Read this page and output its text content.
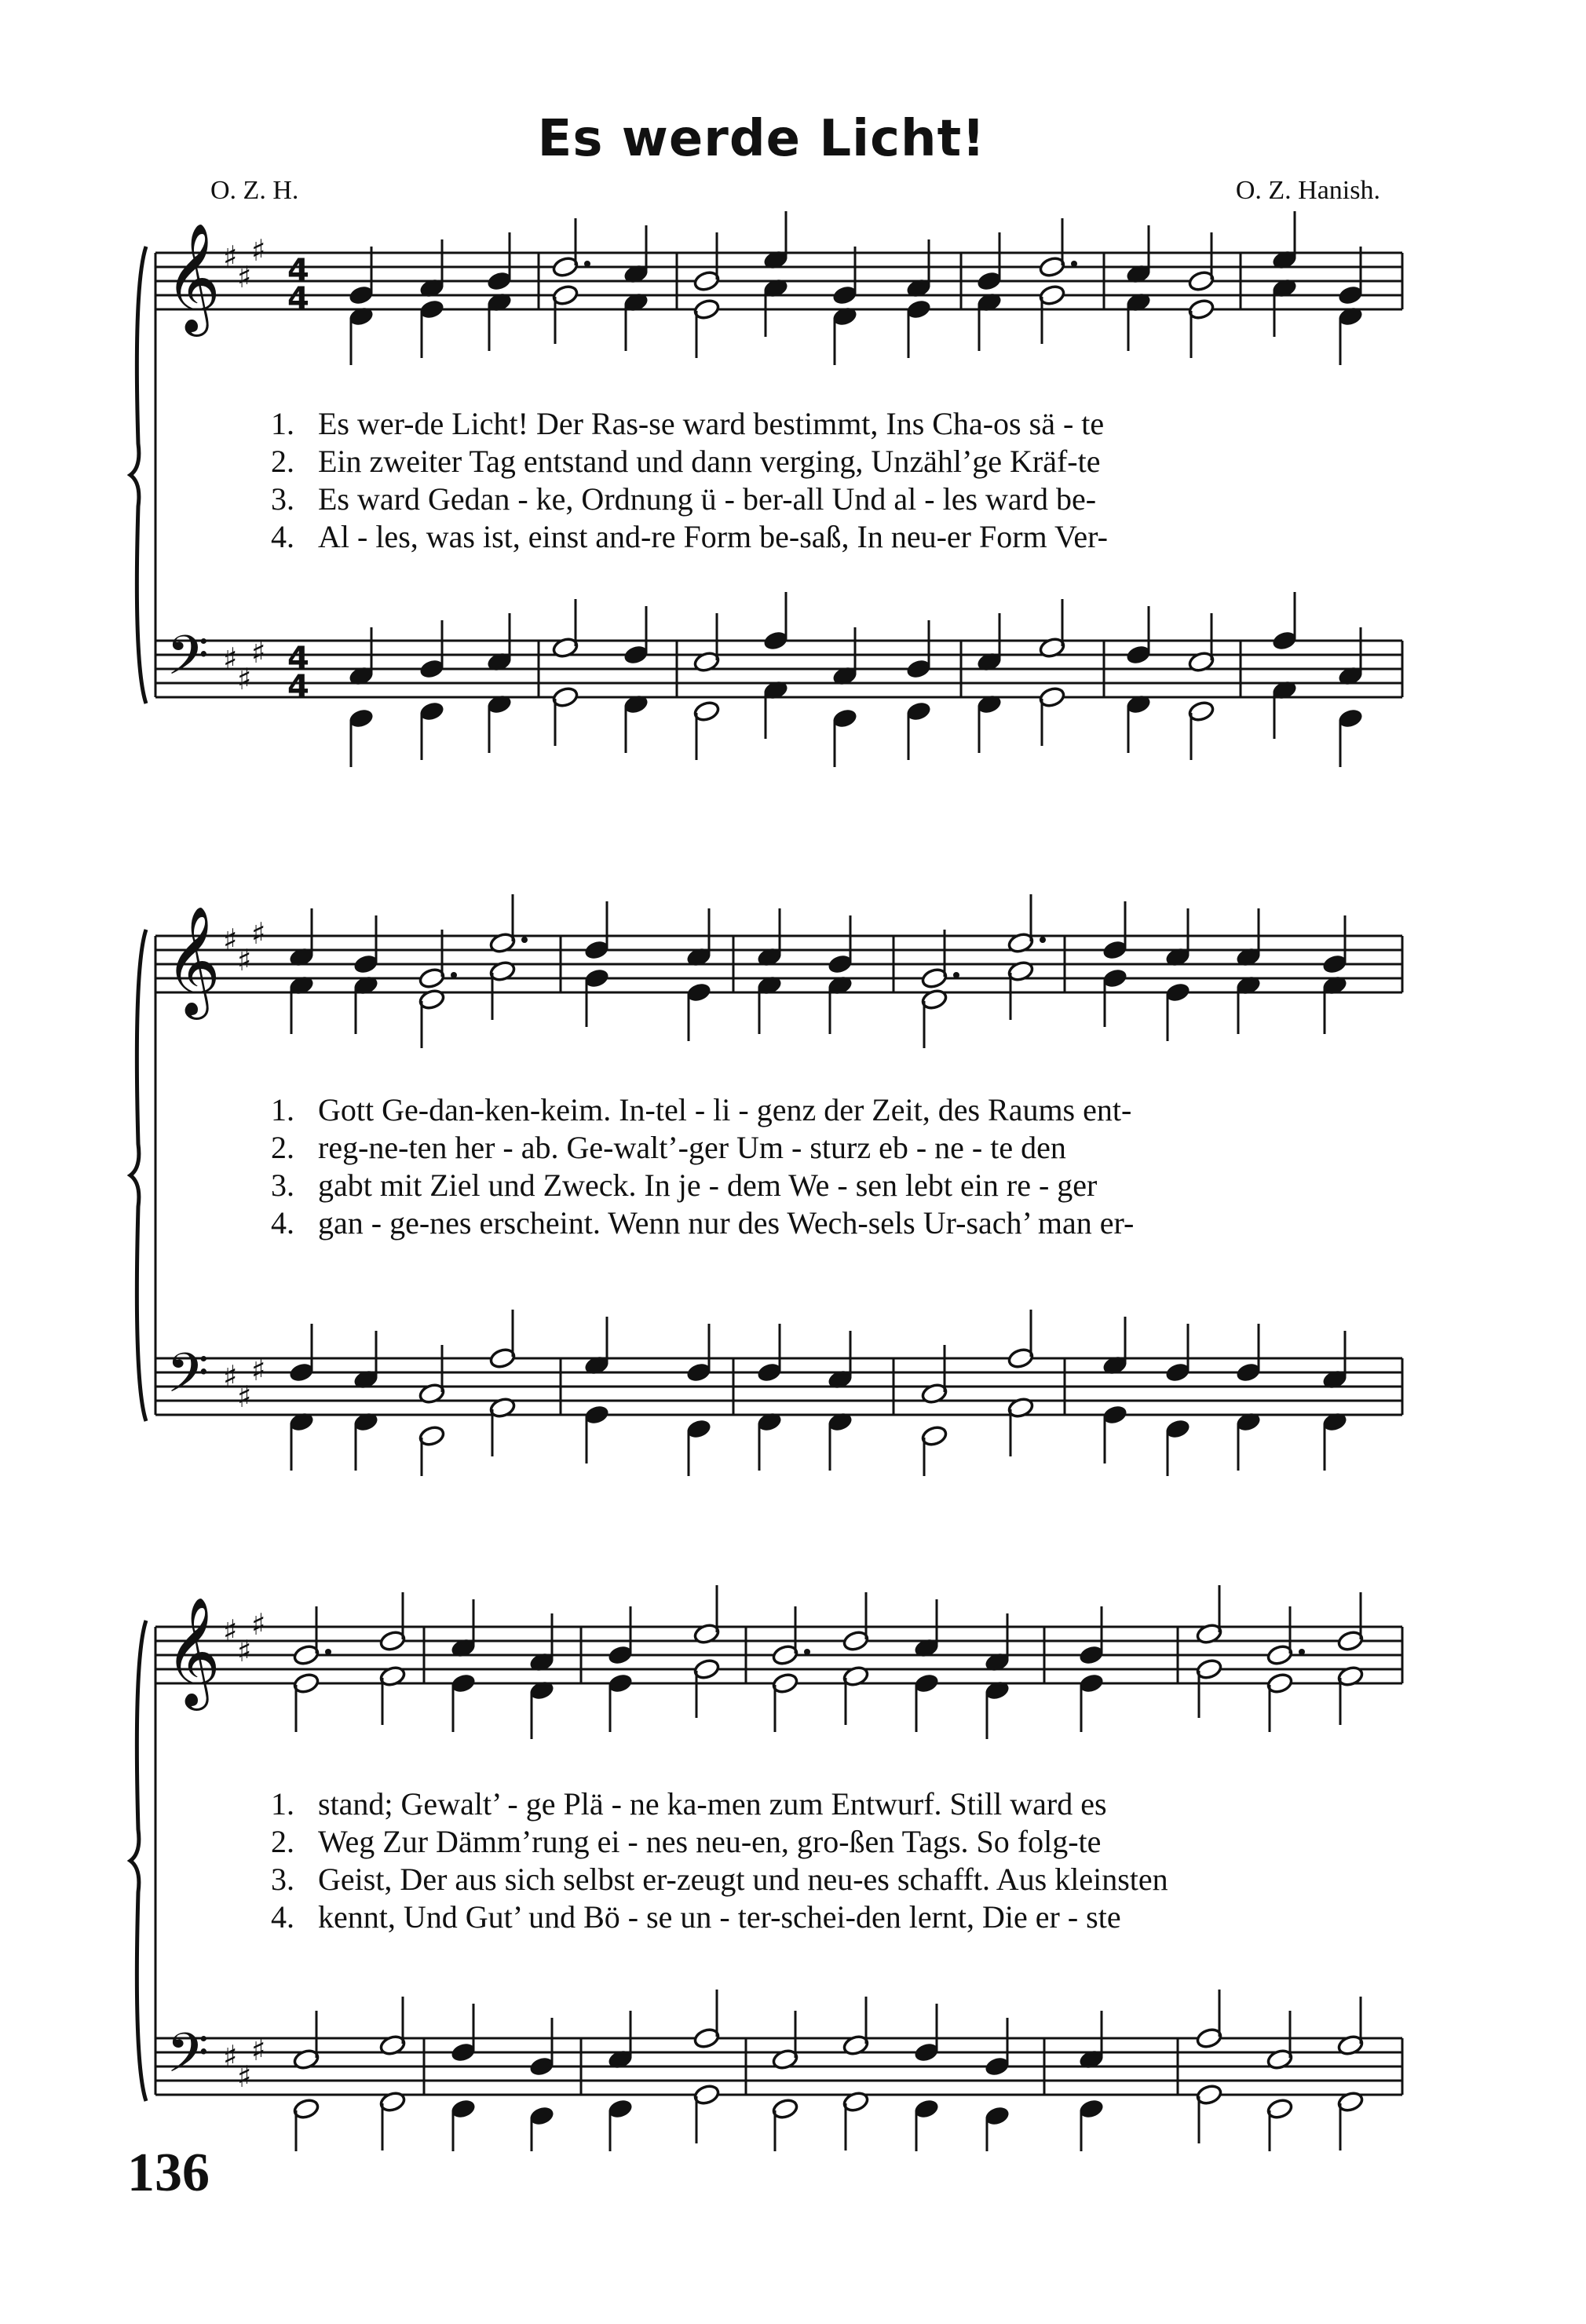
Es werde Licht!
O. Z. H.	O. Z. Hanish.
𝄞
𝄢
♯
♯
♯
♯
♯
♯
4
4
4
4
1. Es wer-de Licht! Der Ras-se ward bestimmt, Ins Cha-os sä - te
2. Ein zweiter Tag entstand und dann verging, Unzähl’ge Kräf-te
3. Es ward Gedan - ke, Ordnung ü - ber-all Und al - les ward be-
4. Al - les, was ist, einst and-re Form be-saß, In neu-er Form Ver-
𝄞
𝄢
♯
♯
♯
♯
♯
♯
1. Gott Ge-dan-ken-keim. In-tel - li - genz der Zeit, des Raums ent-
2. reg-ne-ten her - ab. Ge-walt’-ger Um - sturz eb - ne - te den
3. gabt mit Ziel und Zweck. In je - dem We - sen lebt ein re - ger
4. gan - ge-nes erscheint. Wenn nur des Wech-sels Ur-sach’ man er-
𝄞
𝄢
♯
♯
♯
♯
♯
♯
1. stand; Gewalt’ - ge Plä - ne ka-men zum Entwurf. Still ward es
2. Weg Zur Dämm’rung ei - nes neu-en, gro-ßen Tags. So folg-te
3. Geist, Der aus sich selbst er-zeugt und neu-es schafft. Aus kleinsten
4. kennt, Und Gut’ und Bö - se un - ter-schei-den lernt, Die er - ste
136
